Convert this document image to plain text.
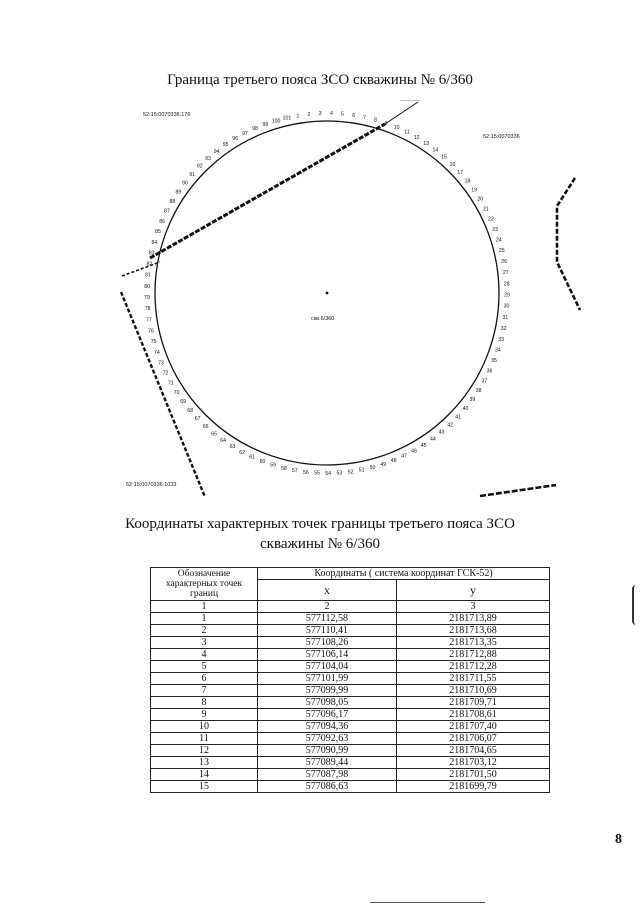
Граница третьего пояса ЗСО скважины № 6/360
99
100 101 1 2 3 4 5 6 7 8
9
10
11
12
13
14
15
16
17
18
19
20
21
22
23
24
25
26
27
28
29
30
31
32
33
34
35
36
37
38
39
40
41
42
43
44
45
46
47
48
49
50
51
52
53
54
55
56
57
58
59
60
61
62
63
64
65
66
67
68
69
70
71
72
73
74
75
76
77
78
79
80
81
82
83
84
85
86
87
88
89
90
91
92
93
94
95
96
97
98
скв.6/360
52:15:0070336:176
52:15:0070336
52:15:0070336:1033
Координаты характерных точек границы третьего пояса ЗСО
скважины № 6/360
Обозначение характерных точек границ	Координаты ( система координат ГСК-52)	
	x	y
1	2	3
1	577112,58	2181713,89
2	577110,41	2181713,68
3	577108,26	2181713,35
4	577106,14	2181712,88
5	577104,04	2181712,28
6	577101,99	2181711,55
7	577099,99	2181710,69
8	577098,05	2181709,71
9	577096,17	2181708,61
10	577094,36	2181707,40
11	577092,63	2181706,07
12	577090,99	2181704,65
13	577089,44	2181703,12
14	577087,98	2181701,50
15	577086,63	2181699,79
8
